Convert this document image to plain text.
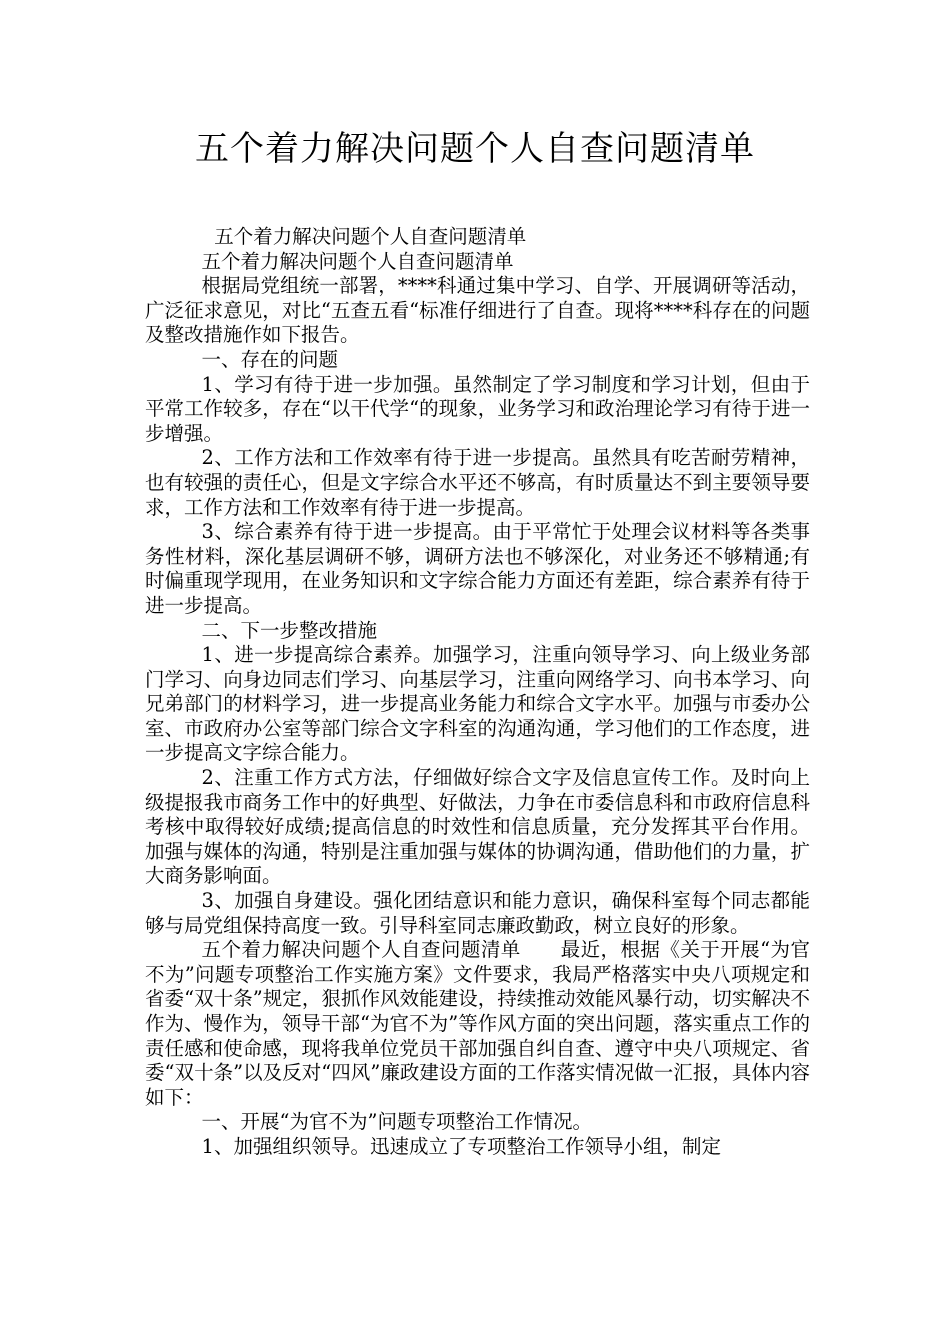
五个着力解决问题个人自查问题清单

五个着力解决问题个人自查问题清单

五个着力解决问题个人自查问题清单

根据局党组统一部署，****科通过集中学习、自学、开展调研等活动，广泛征求意见，对比“五查五看“标准仔细进行了自查。现将****科存在的问题及整改措施作如下报告。

一、存在的问题

1、学习有待于进一步加强。虽然制定了学习制度和学习计划，但由于平常工作较多，存在“以干代学“的现象，业务学习和政治理论学习有待于进一步增强。

2、工作方法和工作效率有待于进一步提高。虽然具有吃苦耐劳精神，也有较强的责任心，但是文字综合水平还不够高，有时质量达不到主要领导要求，工作方法和工作效率有待于进一步提高。

3、综合素养有待于进一步提高。由于平常忙于处理会议材料等各类事务性材料，深化基层调研不够，调研方法也不够深化，对业务还不够精通;有时偏重现学现用，在业务知识和文字综合能力方面还有差距，综合素养有待于进一步提高。

二、下一步整改措施

1、进一步提高综合素养。加强学习，注重向领导学习、向上级业务部门学习、向身边同志们学习、向基层学习，注重向网络学习、向书本学习、向兄弟部门的材料学习，进一步提高业务能力和综合文字水平。加强与市委办公室、市政府办公室等部门综合文字科室的沟通沟通，学习他们的工作态度，进一步提高文字综合能力。

2、注重工作方式方法，仔细做好综合文字及信息宣传工作。及时向上级提报我市商务工作中的好典型、好做法，力争在市委信息科和市政府信息科考核中取得较好成绩;提高信息的时效性和信息质量，充分发挥其平台作用。加强与媒体的沟通，特别是注重加强与媒体的协调沟通，借助他们的力量，扩大商务影响面。

3、加强自身建设。强化团结意识和能力意识，确保科室每个同志都能够与局党组保持高度一致。引导科室同志廉政勤政，树立良好的形象。

五个着力解决问题个人自查问题清单　　最近，根据《关于开展“为官不为”问题专项整治工作实施方案》文件要求，我局严格落实中央八项规定和省委“双十条”规定，狠抓作风效能建设，持续推动效能风暴行动，切实解决不作为、慢作为，领导干部“为官不为”等作风方面的突出问题，落实重点工作的责任感和使命感，现将我单位党员干部加强自纠自查、遵守中央八项规定、省委“双十条”以及反对“四风”廉政建设方面的工作落实情况做一汇报，具体内容如下：

一、开展“为官不为”问题专项整治工作情况。

1、加强组织领导。迅速成立了专项整治工作领导小组，制定
